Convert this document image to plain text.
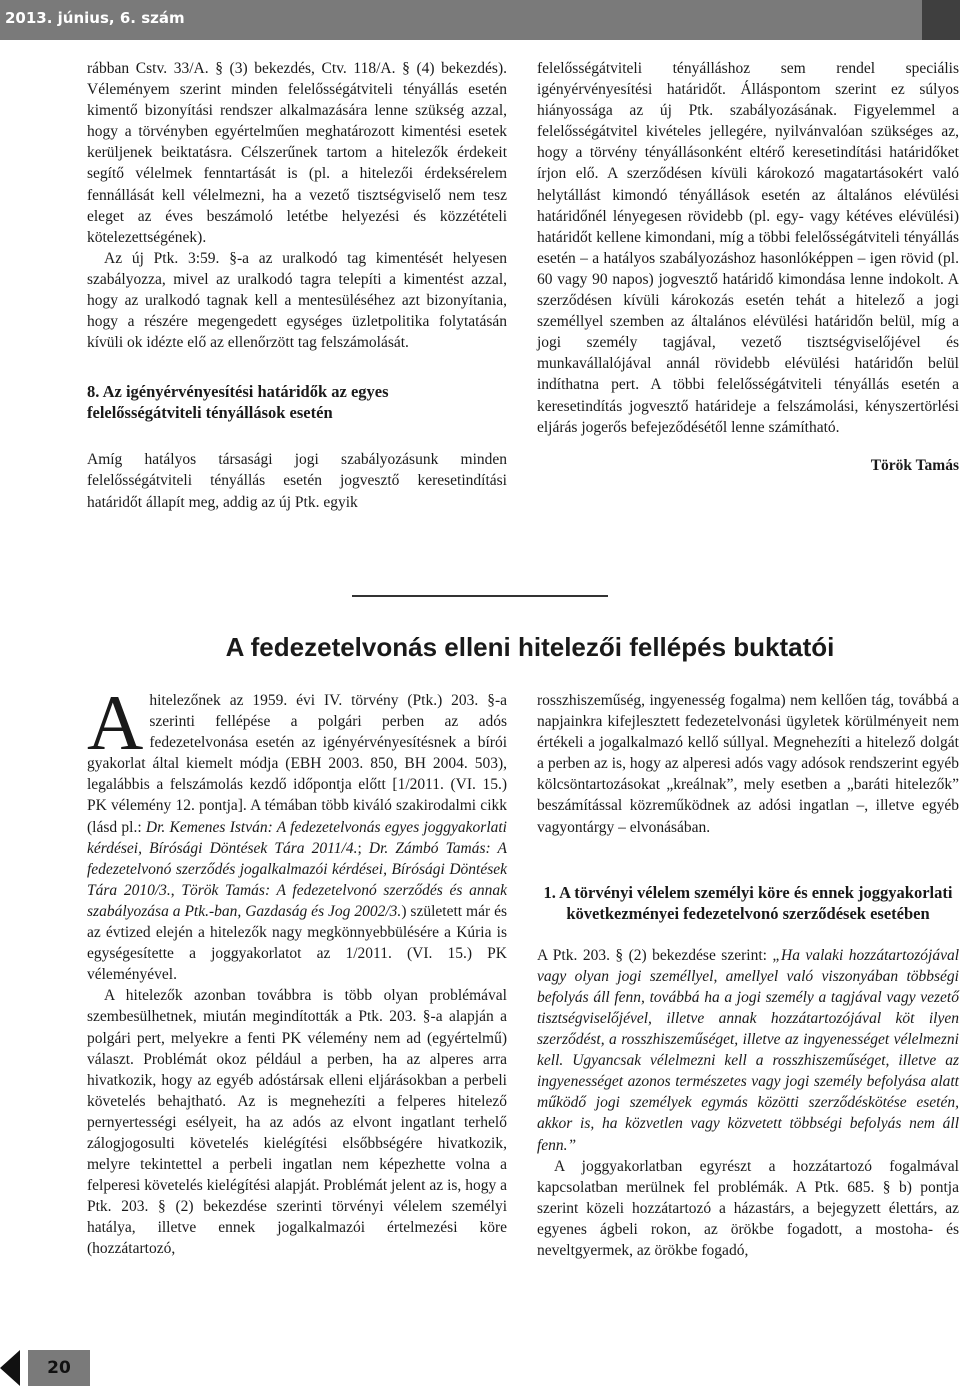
2013. június, 6. szám

rábban Cstv. 33/A. § (3) bekezdés, Ctv. 118/A. § (4) bekezdés). Véleményem szerint minden felelősségátviteli tényállás esetén kimentő bizonyítási rendszer alkalmazására lenne szükség azzal, hogy a törvényben egyértelműen meghatározott kimentési esetek kerüljenek beiktatásra. Célszerűnek tartom a hitelezők érdekeit segítő vélelmek fenntartását is (pl. a hitelezői érdeksérelem fennállását kell vélelmezni, ha a vezető tisztségviselő nem tesz eleget az éves beszámoló letétbe helyezési és közzétételi kötelezettségének).

Az új Ptk. 3:59. §-a az uralkodó tag kimentését helyesen szabályozza, mivel az uralkodó tagra telepíti a kimentést azzal, hogy az uralkodó tagnak kell a mentesüléséhez azt bizonyítania, hogy a részére megengedett egységes üzletpolitika folytatásán kívüli ok idézte elő az ellenőrzött tag felszámolását.

8. Az igényérvényesítési határidők az egyes felelősségátviteli tényállások esetén

Amíg hatályos társasági jogi szabályozásunk minden felelősségátviteli tényállás esetén jogvesztő keresetindítási határidőt állapít meg, addig az új Ptk. egyik

felelősségátviteli tényálláshoz sem rendel speciális igényérvényesítési határidőt. Álláspontom szerint ez súlyos hiányossága az új Ptk. szabályozásának. Figyelemmel a felelősségátvitel kivételes jellegére, nyilvánvalóan szükséges az, hogy a törvény tényállásonként eltérő keresetindítási határidőket írjon elő. A szerződésen kívüli károkozó magatartásokért való helytállást kimondó tényállások esetén az általános elévülési határidőnél lényegesen rövidebb (pl. egy- vagy kétéves elévülési) határidőt kellene kimondani, míg a többi felelősségátviteli tényállás esetén – a hatályos szabályozáshoz hasonlóképpen – igen rövid (pl. 60 vagy 90 napos) jogvesztő határidő kimondása lenne indokolt. A szerződésen kívüli károkozás esetén tehát a hitelező a jogi személlyel szemben az általános elévülési határidőn belül, míg a jogi személy tagjával, vezető tisztségviselőjével és munkavállalójával annál rövidebb elévülési határidőn belül indíthatna pert. A többi felelősségátviteli tényállás esetén a keresetindítás jogvesztő határideje a felszámolási, kényszertörlési eljárás jogerős befejeződésétől lenne számítható.

Török Tamás
A fedezetelvonás elleni hitelezői fellépés buktatói

Ahitelezőnek az 1959. évi IV. törvény (Ptk.) 203. §-a szerinti fellépése a polgári perben az adós fedezetelvonása esetén az igényérvényesítésnek a bírói gyakorlat által kiemelt módja (EBH 2003. 850, BH 2004. 503), legalábbis a felszámolás kezdő időpontja előtt [1/2011. (VI. 15.) PK vélemény 12. pontja]. A témában több kiváló szakirodalmi cikk (lásd pl.: Dr. Kemenes István: A fedezetelvonás egyes joggyakorlati kérdései, Bírósági Döntések Tára 2011/4.; Dr. Zámbó Tamás: A fedezetelvonó szerződés jogalkalmazói kérdései, Bírósági Döntések Tára 2010/3., Török Tamás: A fedezetelvonó szerződés és annak szabályozása a Ptk.-ban, Gazdaság és Jog 2002/3.) született már és az évtized elején a hitelezők nagy megkönnyebbülésére a Kúria is egységesítette a joggyakorlatot az 1/2011. (VI. 15.) PK véleményével.

A hitelezők azonban továbbra is több olyan problémával szembesülhetnek, miután megindították a Ptk. 203. §-a alapján a polgári pert, melyekre a fenti PK vélemény nem ad (egyértelmű) választ. Problémát okoz például a perben, ha az alperes arra hivatkozik, hogy az egyéb adóstársak elleni eljárásokban a perbeli követelés behajtható. Az is megnehezíti a felperes hitelező pernyertességi esélyeit, ha az adós az elvont ingatlant terhelő zálogjogosulti követelés kielégítési elsőbbségére hivatkozik, melyre tekintettel a perbeli ingatlan nem képezhette volna a felperesi követelés kielégítési alapját. Problémát jelent az is, hogy a Ptk. 203. § (2) bekezdése szerinti törvényi vélelem személyi hatálya, illetve ennek jogalkalmazói értelmezési köre (hozzátartozó,

rosszhiszeműség, ingyenesség fogalma) nem kellően tág, továbbá a napjainkra kifejlesztett fedezetelvonási ügyletek körülményeit nem értékeli a jogalkalmazó kellő súllyal. Megnehezíti a hitelező dolgát a perben az is, hogy az alperesi adós vagy adósok rendszerint egyéb kölcsöntartozásokat „kreálnak”, mely esetben a „baráti hitelezők” beszámítással közreműködnek az adósi ingatlan –, illetve egyéb vagyontárgy – elvonásában.

1. A törvényi vélelem személyi köre és ennek joggyakorlati következményei fedezetelvonó szerződések esetében

A Ptk. 203. § (2) bekezdése szerint: „Ha valaki hozzátartozójával vagy olyan jogi személlyel, amellyel való viszonyában többségi befolyás áll fenn, továbbá ha a jogi személy a tagjával vagy vezető tisztségviselőjével, illetve annak hozzátartozójával köt ilyen szerződést, a rosszhiszeműséget, illetve az ingyenességet vélelmezni kell. Ugyancsak vélelmezni kell a rosszhiszeműséget, illetve az ingyenességet azonos természetes vagy jogi személy befolyása alatt működő jogi személyek egymás közötti szerződéskötése esetén, akkor is, ha közvetlen vagy közvetett többségi befolyás nem áll fenn.”

A joggyakorlatban egyrészt a hozzátartozó fogalmával kapcsolatban merülnek fel problémák. A Ptk. 685. § b) pontja szerint közeli hozzátartozó a házastárs, a bejegyzett élettárs, az egyenes ágbeli rokon, az örökbe fogadott, a mostoha- és neveltgyermek, az örökbe fogadó,

20
